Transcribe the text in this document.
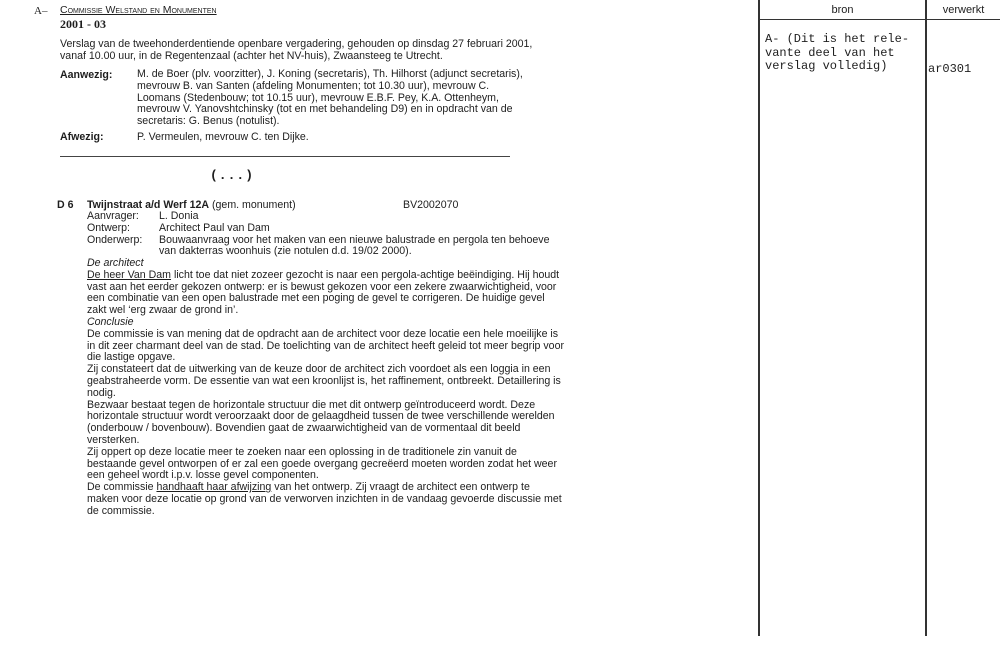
A– Commissie Welstand en Monumenten
2001 - 03
Verslag van de tweehonderdentiende openbare vergadering, gehouden op dinsdag 27 februari 2001,
vanaf 10.00 uur, in de Regentenzaal (achter het NV-huis), Zwaansteeg te Utrecht.
Aanwezig: M. de Boer (plv. voorzitter), J. Koning (secretaris), Th. Hilhorst (adjunct secretaris),
mevrouw B. van Santen (afdeling Monumenten; tot 10.30 uur), mevrouw C.
Loomans (Stedenbouw; tot 10.15 uur), mevrouw E.B.F. Pey, K.A. Ottenheym,
mevrouw V. Yanovshtchinsky (tot en met behandeling D9) en in opdracht van de
secretaris: G. Benus (notulist).
Afwezig:	P. Vermeulen, mevrouw C. ten Dijke.
(...)
D 6 Twijnstraat a/d Werf 12A (gem. monument)	BV2002070
Aanvrager: L. Donia
Ontwerp:	Architect Paul van Dam
Onderwerp: Bouwaanvraag voor het maken van een nieuwe balustrade en pergola ten behoeve
van dakterras woonhuis (zie notulen d.d. 19/02 2000).
De architect
De heer Van Dam licht toe dat niet zozeer gezocht is naar een pergola-achtige beëindiging. Hij houdt
vast aan het eerder gekozen ontwerp: er is bewust gekozen voor een zekere zwaarwichtigheid, voor
een combinatie van een open balustrade met een poging de gevel te corrigeren. De huidige gevel
zakt wel ‘erg zwaar de grond in’.
Conclusie
De commissie is van mening dat de opdracht aan de architect voor deze locatie een hele moeilijke is
in dit zeer charmant deel van de stad. De toelichting van de architect heeft geleid tot meer begrip voor
die lastige opgave.
Zij constateert dat de uitwerking van de keuze door de architect zich voordoet als een loggia in een
geabstraheerde vorm. De essentie van wat een kroonlijst is, het raffinement, ontbreekt. Detaillering is
nodig.
Bezwaar bestaat tegen de horizontale structuur die met dit ontwerp geïntroduceerd wordt. Deze
horizontale structuur wordt veroorzaakt door de gelaagdheid tussen de twee verschillende werelden
(onderbouw / bovenbouw). Bovendien gaat de zwaarwichtigheid van de vormentaal dit beeld
versterken.
Zij oppert op deze locatie meer te zoeken naar een oplossing in de traditionele zin vanuit de
bestaande gevel ontworpen of er zal een goede overgang gecreëerd moeten worden zodat het weer
een geheel wordt i.p.v. losse gevel componenten.
De commissie handhaaft haar afwijzing van het ontwerp. Zij vraagt de architect een ontwerp te
maken voor deze locatie op grond van de verworven inzichten in de vandaag gevoerde discussie met
de commissie.
bron	verwerkt
A- (Dit is het rele-
vante deel van het
verslag volledig)	ar0301
